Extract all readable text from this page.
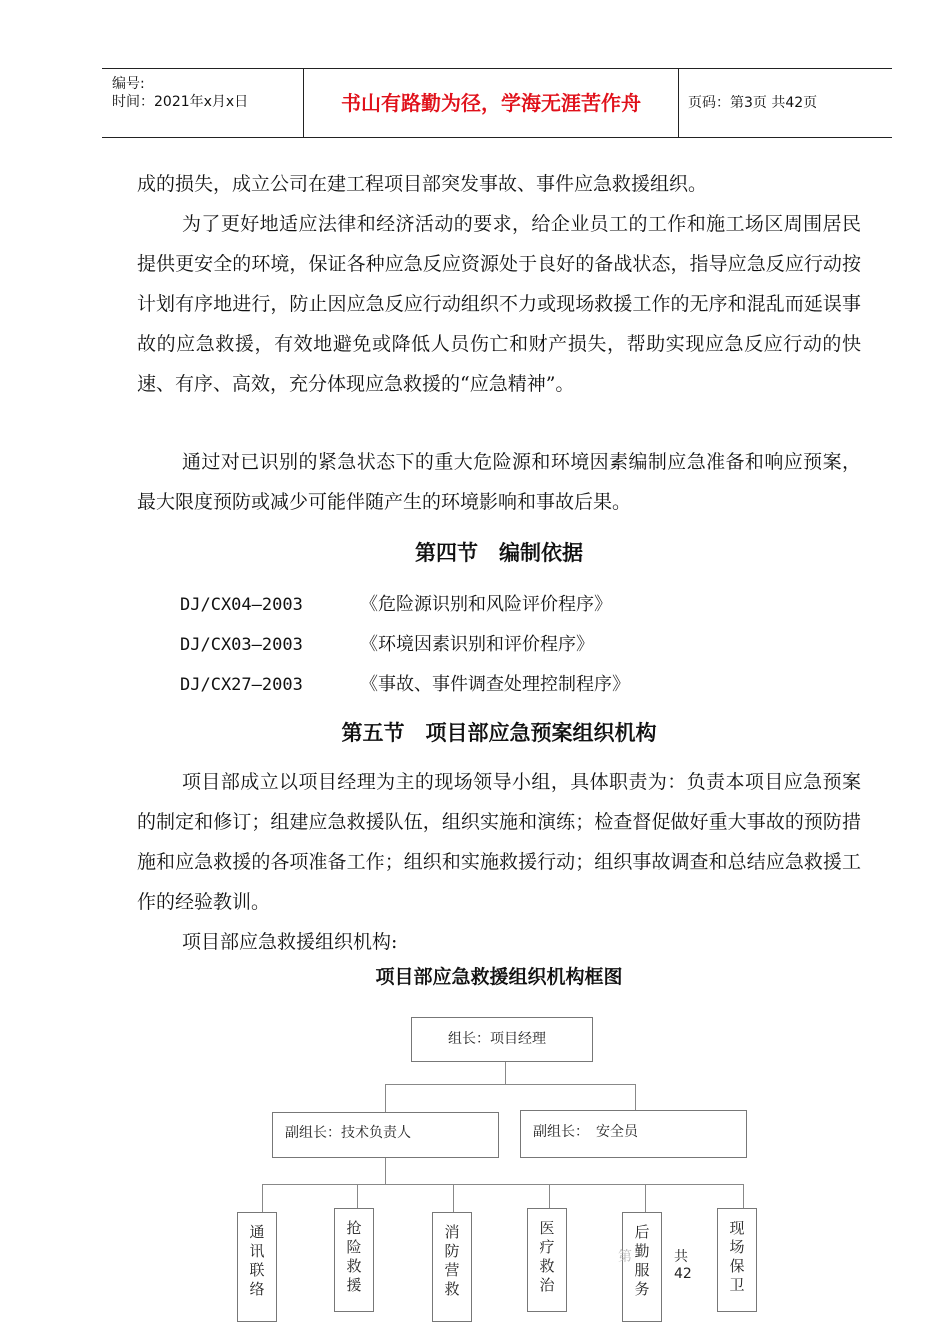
编号:
时间：2021年x月x日	书山有路勤为径，学海无涯苦作舟	页码：第3页 共42页

成的损失，成立公司在建工程项目部突发事故、事件应急救援组织。

为了更好地适应法律和经济活动的要求，给企业员工的工作和施工场区周围居民提供更安全的环境，保证各种应急反应资源处于良好的备战状态，指导应急反应行动按计划有序地进行，防止因应急反应行动组织不力或现场救援工作的无序和混乱而延误事故的应急救援，有效地避免或降低人员伤亡和财产损失，帮助实现应急反应行动的快速、有序、高效，充分体现应急救援的“应急精神”。

通过对已识别的紧急状态下的重大危险源和环境因素编制应急准备和响应预案，最大限度预防或减少可能伴随产生的环境影响和事故后果。

第四节　编制依据
DJ/CX04—2003	《危险源识别和风险评价程序》
DJ/CX03—2003	《环境因素识别和评价程序》
DJ/CX27—2003	《事故、事件调查处理控制程序》
第五节　项目部应急预案组织机构

项目部成立以项目经理为主的现场领导小组，具体职责为：负责本项目应急预案的制定和修订；组建应急救援队伍，组织实施和演练；检查督促做好重大事故的预防措施和应急救援的各项准备工作；组织和实施救援行动；组织事故调查和总结应急救援工作的经验教训。

项目部应急救援组织机构:

项目部应急救援组织机构框图
组长：项目经理
副组长：技术负责人	副组长：　安全员
通
讯
联
络
抢
险
救
援
消
防
营
救
医
疗
救
治
后
勤
服
务
现
场
保
卫
第	共 42
